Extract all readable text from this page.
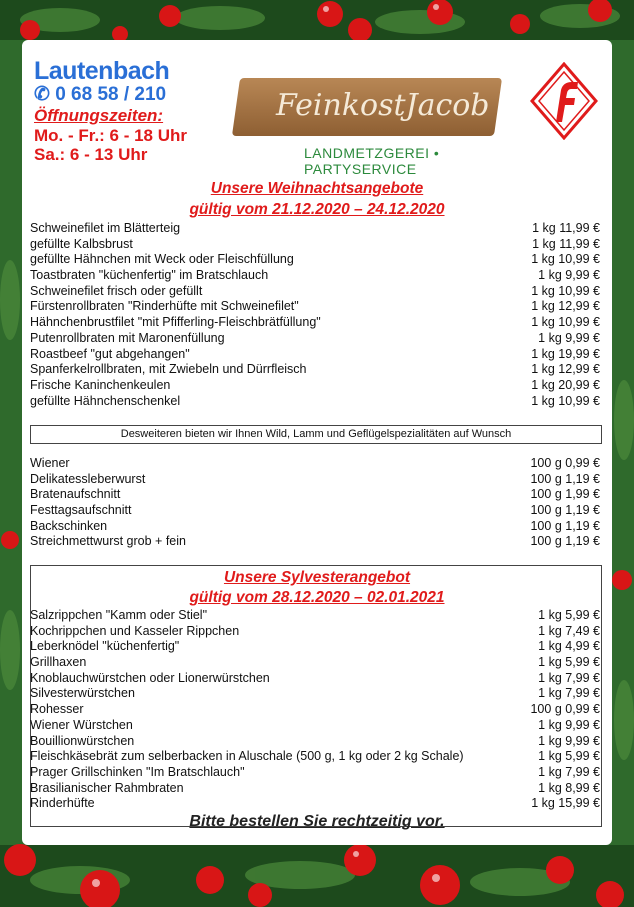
Lautenbach
✆ 0 68 58 / 210
Öffnungszeiten:
Mo. - Fr.: 6 - 18 Uhr
Sa.: 6 - 13 Uhr
FeinkostJacob
LANDMETZGEREI • PARTYSERVICE
Unsere Weihnachtsangebote
gültig vom 21.12.2020 – 24.12.2020
Schweinefilet im Blätterteig	1 kg 11,99 €
gefüllte Kalbsbrust	1 kg 11,99 €
gefüllte Hähnchen mit Weck oder Fleischfüllung	1 kg 10,99 €
Toastbraten "küchenfertig" im Bratschlauch	1 kg 9,99 €
Schweinefilet frisch oder gefüllt	1 kg 10,99 €
Fürstenrollbraten "Rinderhüfte mit Schweinefilet"	1 kg 12,99 €
Hähnchenbrustfilet "mit Pfifferling-Fleischbrätfüllung"	1 kg 10,99 €
Putenrollbraten mit Maronenfüllung	1 kg 9,99 €
Roastbeef "gut abgehangen"	1 kg 19,99 €
Spanferkelrollbraten, mit Zwiebeln und Dürrfleisch	1 kg 12,99 €
Frische Kaninchenkeulen	1 kg 20,99 €
gefüllte Hähnchenschenkel	1 kg 10,99 €
Desweiteren bieten wir Ihnen Wild, Lamm und Geflügelspezialitäten auf Wunsch
Wiener	100 g 0,99 €
Delikatessleberwurst	100 g 1,19 €
Bratenaufschnitt	100 g 1,99 €
Festtagsaufschnitt	100 g 1,19 €
Backschinken	100 g 1,19 €
Streichmettwurst grob + fein	100 g 1,19 €
Unsere Sylvesterangebot
gültig vom 28.12.2020 – 02.01.2021
Salzrippchen "Kamm oder Stiel"	1 kg 5,99 €
Kochrippchen und Kasseler Rippchen	1 kg 7,49 €
Leberknödel "küchenfertig"	1 kg 4,99 €
Grillhaxen	1 kg 5,99 €
Knoblauchwürstchen oder Lionerwürstchen	1 kg 7,99 €
Silvesterwürstchen	1 kg 7,99 €
Rohesser	100 g 0,99 €
Wiener Würstchen	1 kg 9,99 €
Bouillionwürstchen	1 kg 9,99 €
Fleischkäsebrät zum selberbacken in Aluschale (500 g, 1 kg oder 2 kg Schale)	1 kg 5,99 €
Prager Grillschinken "Im Bratschlauch"	1 kg 7,99 €
Brasilianischer Rahmbraten	1 kg 8,99 €
Rinderhüfte	1 kg 15,99 €
Bitte bestellen Sie rechtzeitig vor.
